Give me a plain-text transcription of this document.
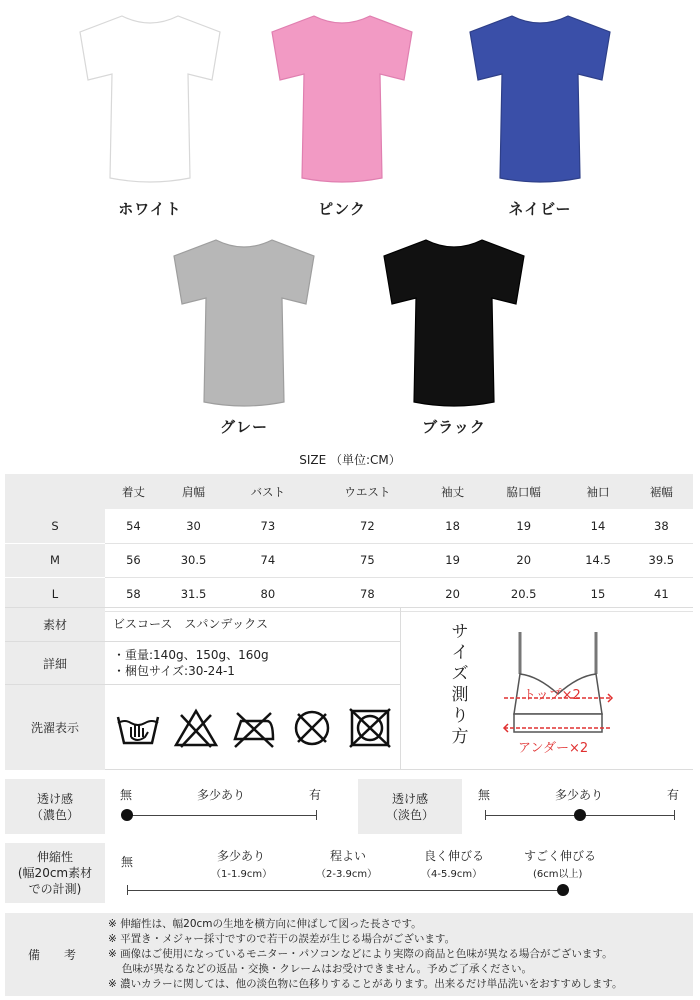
ホワイト	ピンク	ネイビー
グレー	ブラック
SIZE （単位:CM）
	着丈	肩幅	バスト	ウエスト	袖丈	脇口幅	袖口	裾幅
S	54	30	73	72	18	19	14	38
M	56	30.5	74	75	19	20	14.5	39.5
L	58	31.5	80	78	20	20.5	15	41
素材	ビスコース　スパンデックス
詳細
・重量:140g、150g、160g
・梱包サイズ:30-24-1
洗濯表示
サイズ測り方
トップ×2
アンダー×2
透け感
（濃色）
無	多少あり	有	透け感
（淡色）
無	多少あり	有
伸縮性
(幅20cm素材
での計測)
無	多少あり
（1-1.9cm）
程よい
（2-3.9cm）
良く伸びる
（4-5.9cm）
すごく伸びる
(6cm以上)
備　考
※ 伸縮性は、幅20cmの生地を横方向に伸ばして図った長さです。
※ 平置き・メジャー採寸ですので若干の誤差が生じる場合がございます。
※ 画像はご使用になっているモニター・パソコンなどにより実際の商品と色味が異なる場合がございます。
　 色味が異なるなどの返品・交換・クレームはお受けできません。予めご了承ください。
※ 濃いカラーに関しては、他の淡色物に色移りすることがあります。出来るだけ単品洗いをおすすめします。
